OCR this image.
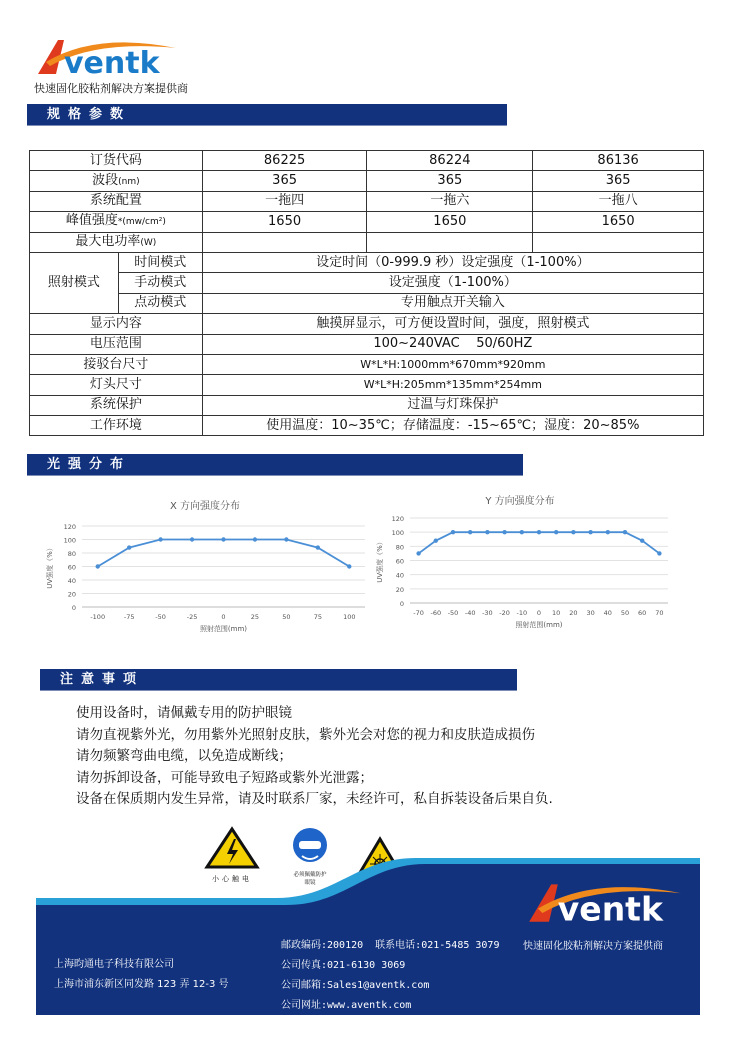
ventk
快速固化胶粘剂解决方案提供商
规格参数
订货代码		86225	86224	86136
波段(nm)		365	365	365
系统配置		一拖四	一拖六	一拖八
峰值强度*(mw/cm²)		1650	1650	1650
最大电功率(W)				
照射模式	时间模式	设定时间（0-999.9 秒）设定强度（1-100%）		
	手动模式	设定强度（1-100%）		
	点动模式	专用触点开关输入		
显示内容		触摸屏显示，可方便设置时间，强度，照射模式		
电压范围		100~240VAC    50/60HZ		
接驳台尺寸		W*L*H:1000mm*670mm*920mm		
灯头尺寸		W*L*H:205mm*135mm*254mm		
系统保护		过温与灯珠保护		
工作环境		使用温度：10~35℃；存储温度：-15~65℃；湿度：20~85%		
光强分布
X 方向强度分布
0
20
40
60
80
100
120
-100	-75	-50	-25	0	25	50	75	100
照射范围(mm)
UV强度（%）
Y 方向强度分布
0
20
40
60
80
100
120
-70 -60 -50 -40 -30 -20 -10 0 10 20 30 40 50 60 70
照射范围(mm)
UV强度（%）
注意事项
使用设备时，请佩戴专用的防护眼镜
请勿直视紫外光，勿用紫外光照射皮肤，紫外光会对您的视力和皮肤造成损伤
请勿频繁弯曲电缆，以免造成断线；
请勿拆卸设备，可能导致电子短路或紫外光泄露；
设备在保质期内发生异常，请及时联系厂家，未经许可，私自拆装设备后果自负.
小心触电	必须佩戴防护眼镜
ventk
上海昀通电子科技有限公司
上海市浦东新区同发路 123 弄 12-3 号
邮政编码:200120  联系电话:021-5485 3079
公司传真:021-6130 3069
公司邮箱:Sales1@aventk.com
公司网址:www.aventk.com
快速固化胶粘剂解决方案提供商
